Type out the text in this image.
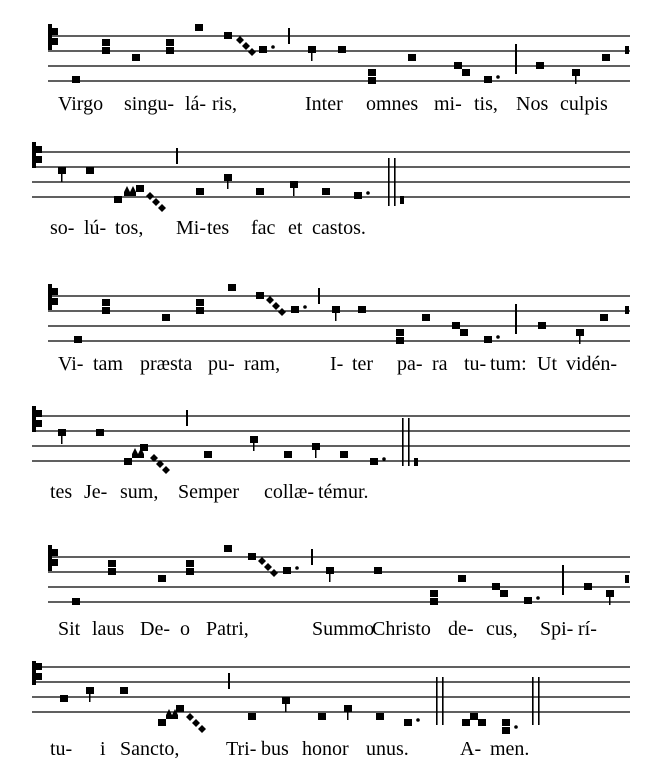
Virgo singu- lá- ris,	Inter omnes mi- tis, Nos culpis
so- lú- tos, Mi- tes fac et castos.
Vi- tam præsta pu- ram, I- ter pa- ra tu- tum: Ut vidén-
tes Je- sum, Semper collæ- témur.
Sit laus De- o Patri,	Summo
Christo de- cus, Spi- rí-
tu- i Sancto, Tri- bus honor unus.	A- men.
